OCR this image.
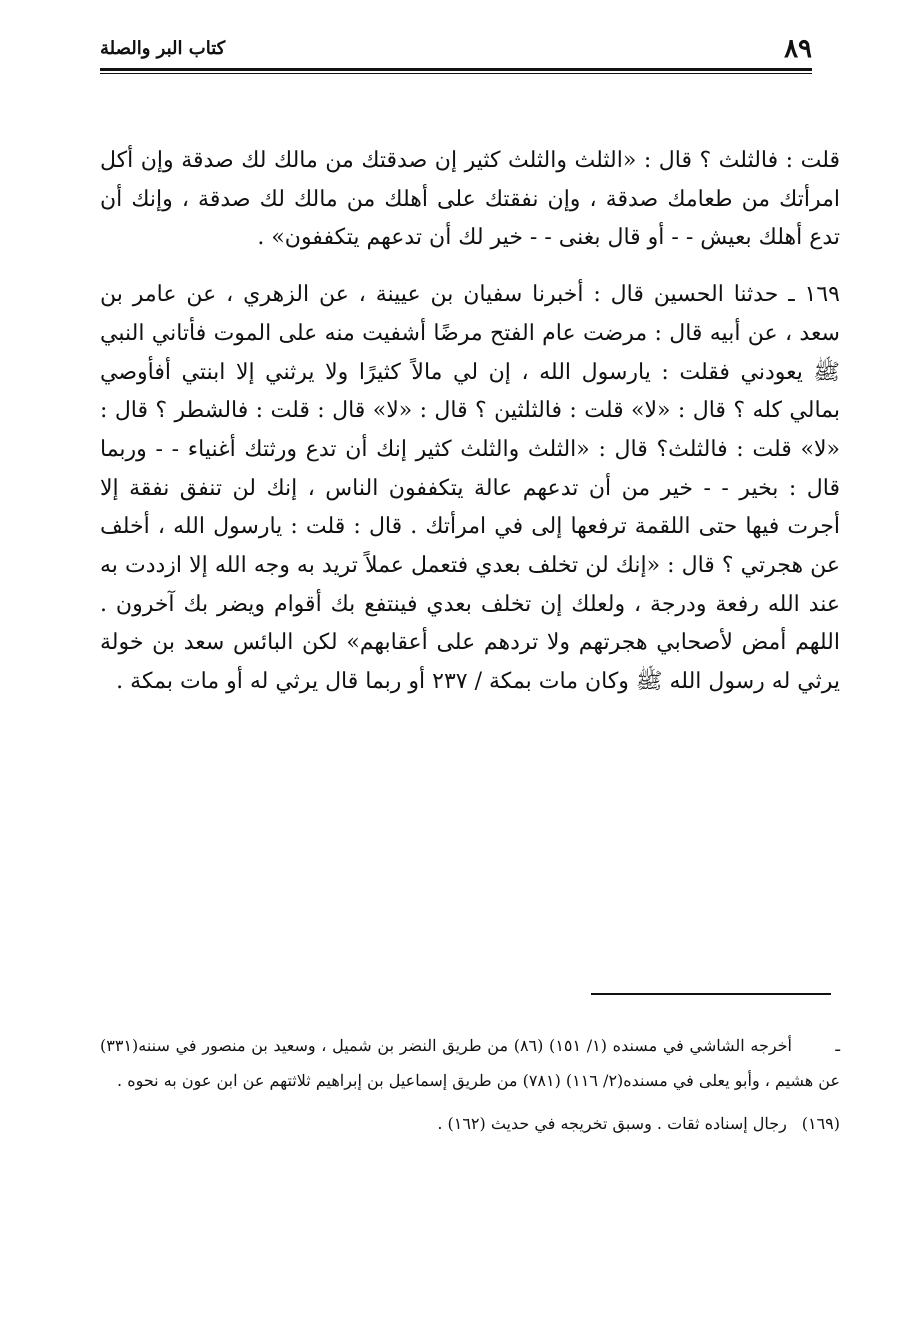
٨٩
كتاب البر والصلة

قلت : فالثلث ؟ قال : «الثلث والثلث كثير إن صدقتك من مالك لك صدقة وإن أكل امرأتك من طعامك صدقة ، وإن نفقتك على أهلك من مالك لك صدقة ، وإنك أن تدع أهلك بعيش - - أو قال بغنى - - خير لك أن تدعهم يتكففون» .

١٦٩ ـ حدثنا الحسين قال : أخبرنا سفيان بن عيينة ، عن الزهري ، عن عامر بن سعد ، عن أبيه قال : مرضت عام الفتح مرضًا أشفيت منه على الموت فأتاني النبي ﷺ يعودني فقلت : يارسول الله ، إن لي مالاً كثيرًا ولا يرثني إلا ابنتي أفأوصي بمالي كله ؟ قال : «لا» قلت : فالثلثين ؟ قال : «لا» قال : قلت : فالشطر ؟ قال : «لا» قلت : فالثلث؟ قال : «الثلث والثلث كثير إنك أن تدع ورثتك أغنياء - - وربما قال : بخير - - خير من أن تدعهم عالة يتكففون الناس ، إنك لن تنفق نفقة إلا أجرت فيها حتى اللقمة ترفعها إلى في امرأتك . قال : قلت : يارسول الله ، أخلف عن هجرتي ؟ قال : «إنك لن تخلف بعدي فتعمل عملاً تريد به وجه الله إلا ازددت به عند الله رفعة ودرجة ، ولعلك إن تخلف بعدي فينتفع بك أقوام ويضر بك آخرون . اللهم أمض لأصحابي هجرتهم ولا تردهم على أعقابهم» لكن البائس سعد بن خولة يرثي له رسول الله ﷺ وكان مات بمكة / ٢٣٧ أو ربما قال يرثي له أو مات بمكة .

ـأخرجه الشاشي في مسنده (١/ ١٥١) (٨٦) من طريق النضر بن شميل ، وسعيد بن منصور في سننه(٣٣١) عن هشيم ، وأبو يعلى في مسنده(٢/ ١١٦) (٧٨١) من طريق إسماعيل بن إبراهيم ثلاثتهم عن ابن عون به نحوه .

(١٦٩) رجال إسناده ثقات . وسبق تخريجه في حديث (١٦٢) .
